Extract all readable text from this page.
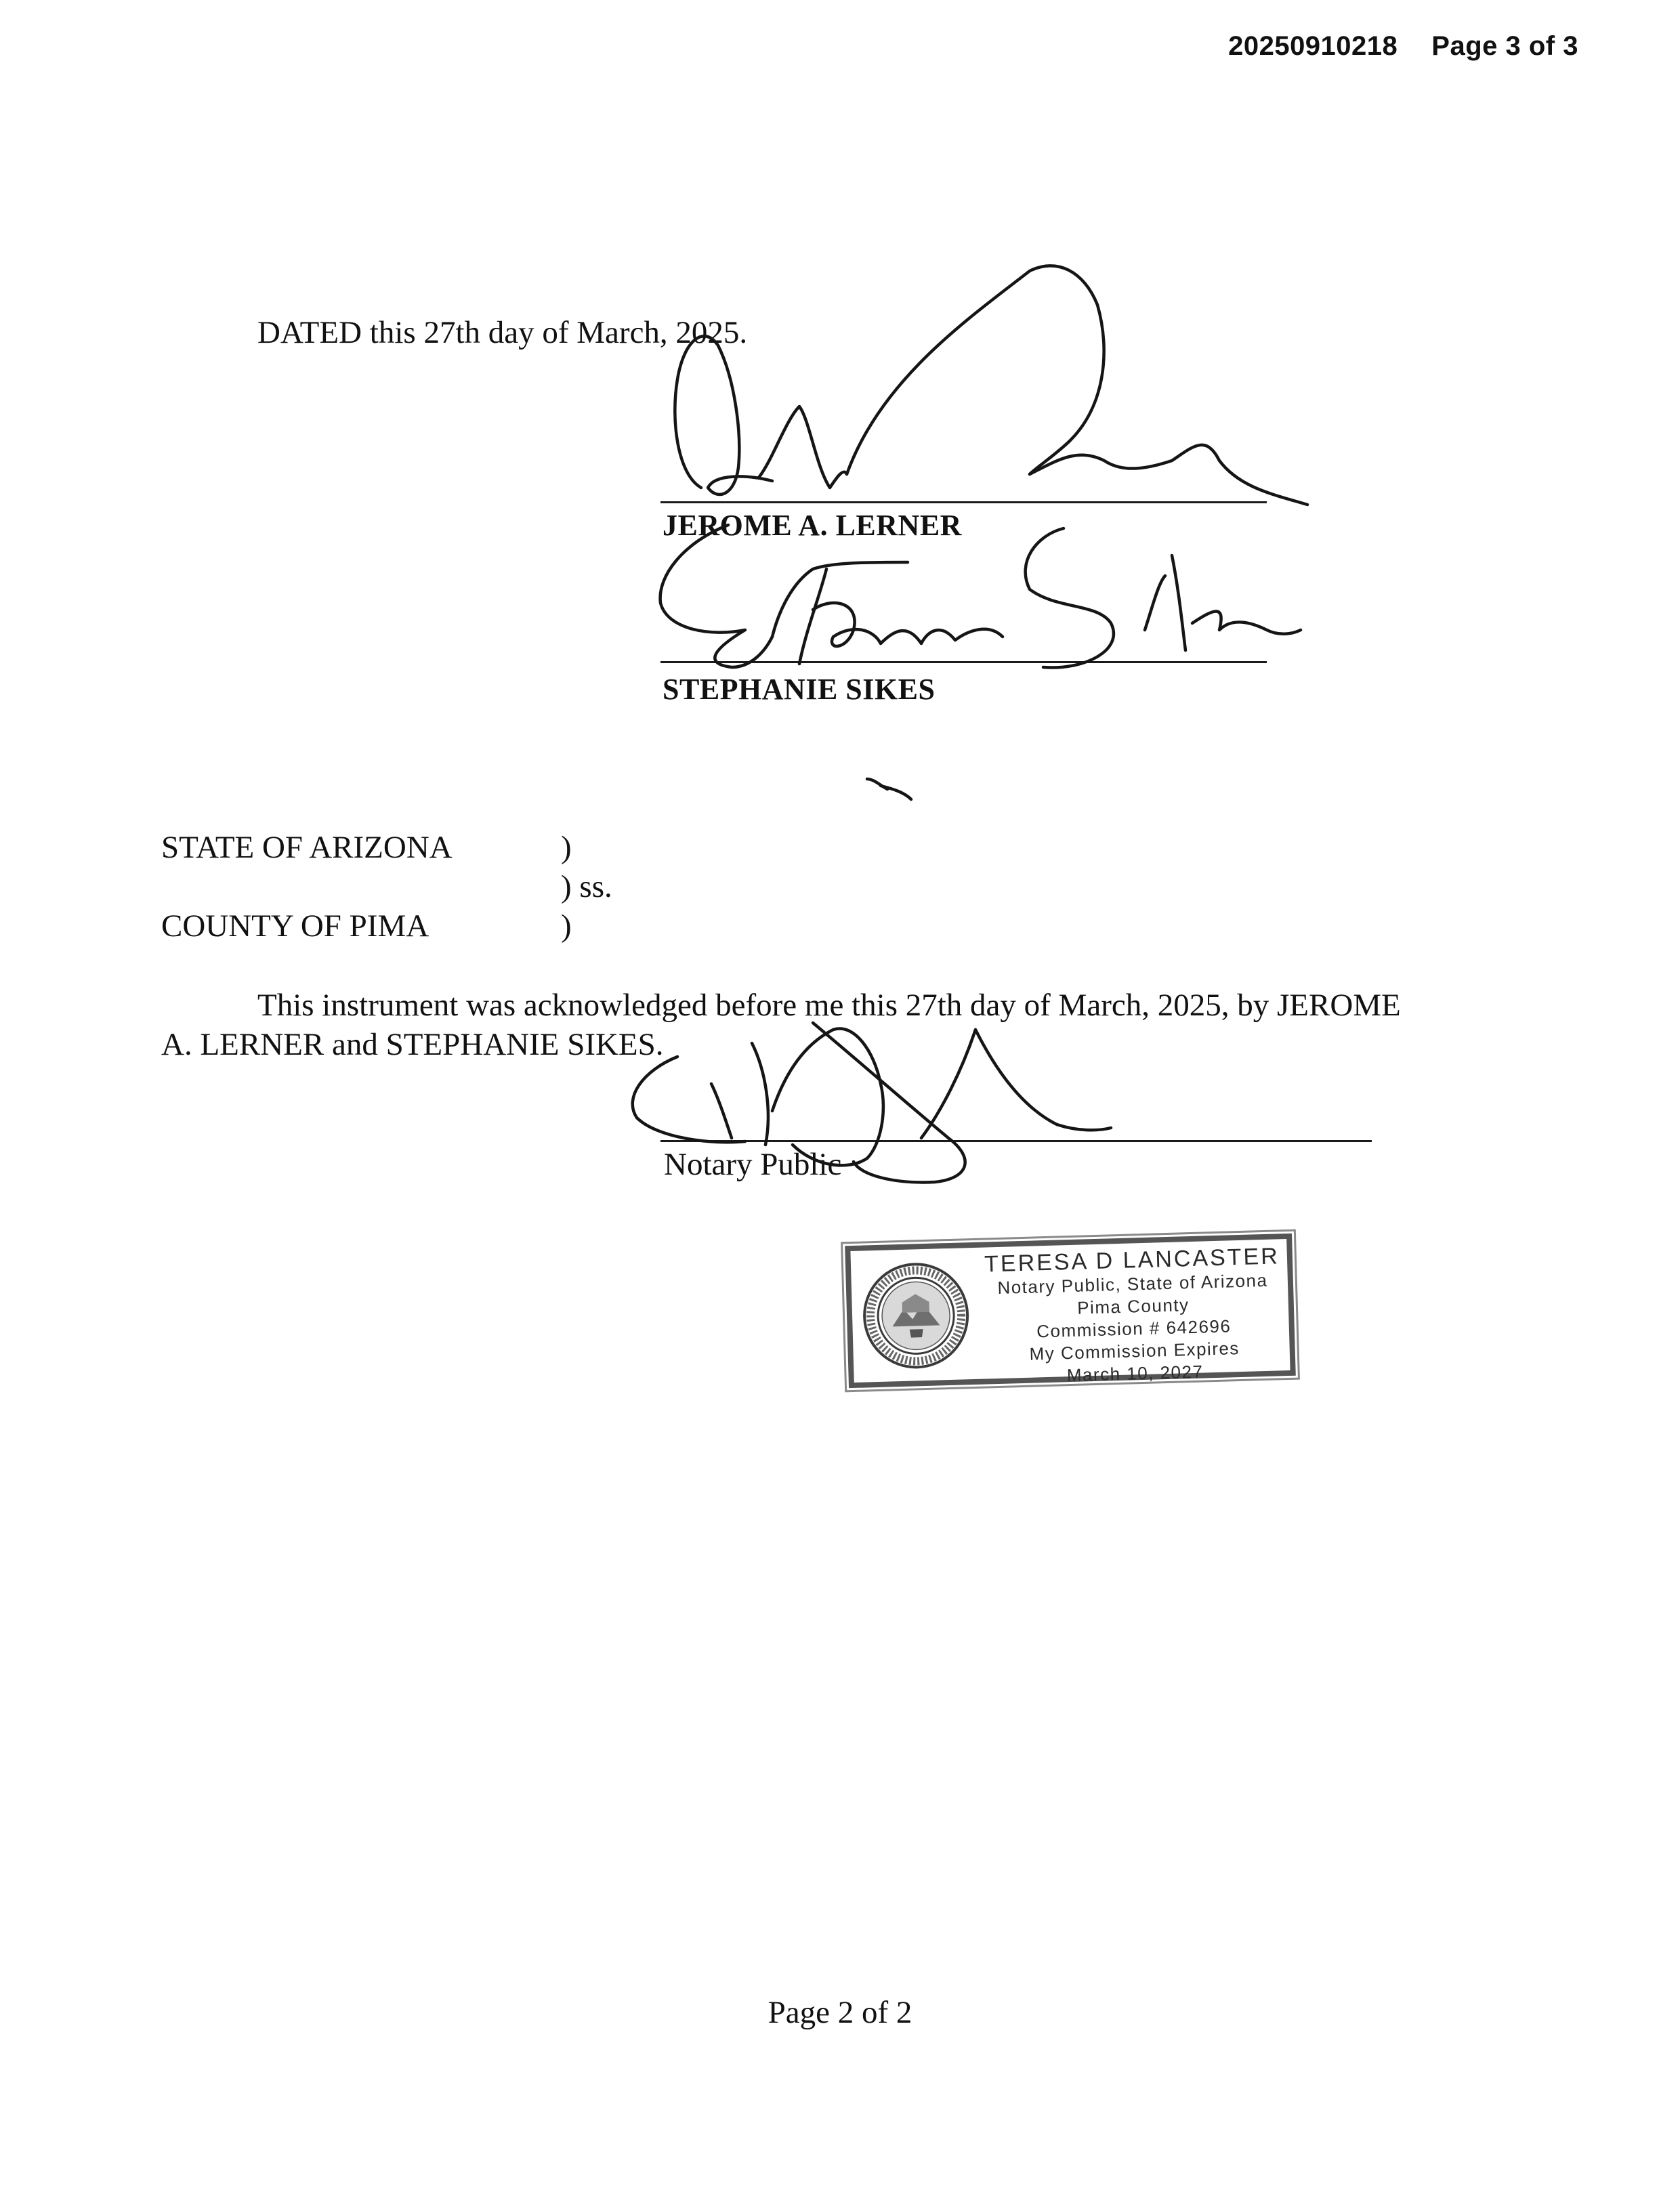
20250910218 Page 3 of 3
DATED this 27th day of March, 2025.
JEROME A. LERNER
STEPHANIE SIKES
STATE OF ARIZONA	)
) ss.
COUNTY OF PIMA	)
This instrument was acknowledged before me this 27th day of March, 2025, by JEROME
A. LERNER and STEPHANIE SIKES.
Notary Public
TERESA D LANCASTER
Notary Public, State of Arizona
Pima County
Commission # 642696
My Commission Expires
March 10, 2027
Page 2 of 2
